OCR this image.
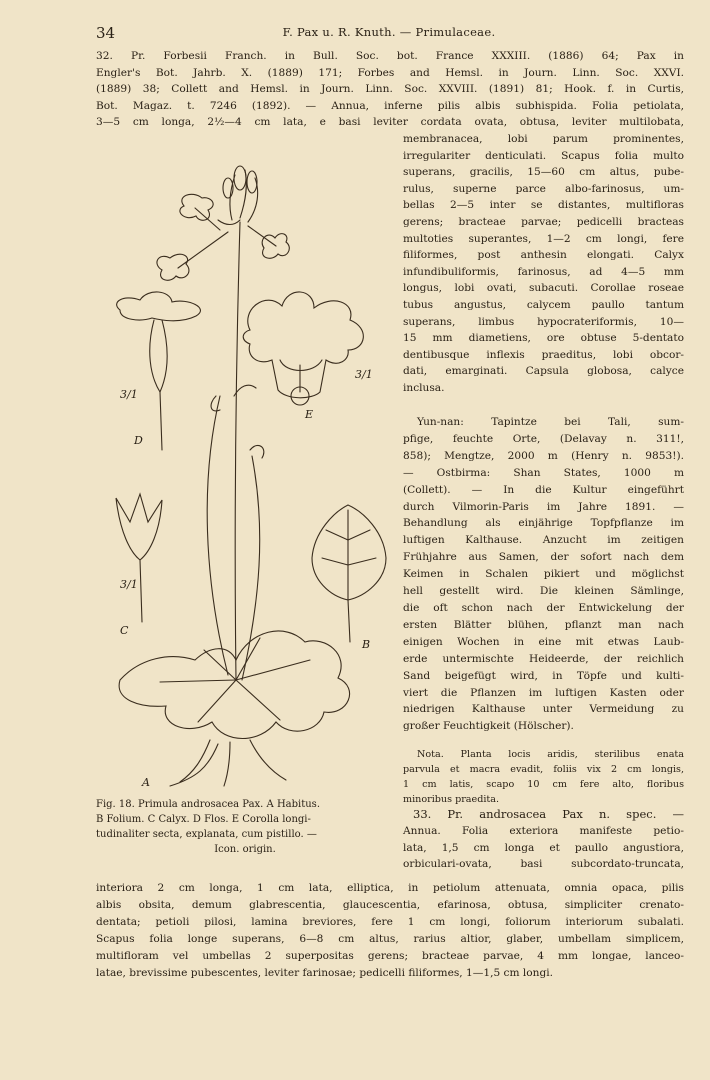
34	F. Pax u. R. Knuth. — Primulaceae.
32. Pr. Forbesii Franch. in Bull. Soc. bot. France XXXIII. (1886) 64; Pax in
Engler's Bot. Jahrb. X. (1889) 171; Forbes and Hemsl. in Journ. Linn. Soc. XXVI.
(1889) 38; Collett and Hemsl. in Journ. Linn. Soc. XXVIII. (1891) 81; Hook. f. in Curtis,
Bot. Magaz. t. 7246 (1892). — Annua, inferne pilis albis subhispida. Folia petiolata,
3—5 cm longa, 2½—4 cm lata, e basi leviter cordata ovata, obtusa, leviter multilobata,
membranacea, lobi parum prominentes,
irregulariter denticulati. Scapus folia multo
superans, gracilis, 15—60 cm altus, pube-
rulus, superne parce albo-farinosus, um-
bellas 2—5 inter se distantes, multifloras
gerens; bracteae parvae; pedicelli bracteas
multoties superantes, 1—2 cm longi, fere
filiformes, post anthesin elongati. Calyx
infundibuliformis, farinosus, ad 4—5 mm
longus, lobi ovati, subacuti. Corollae roseae
tubus angustus, calycem paullo tantum
superans, limbus hypocrateriformis, 10—
15 mm diametiens, ore obtuse 5-dentato
dentibusque inflexis praeditus, lobi obcor-
dati, emarginati. Capsula globosa, calyce
inclusa.
Yun-nan: Tapintze bei Tali, sum-
pfige, feuchte Orte, (Delavay n. 311!,
858); Mengtze, 2000 m (Henry n. 9853!).
— Ostbirma: Shan States, 1000 m
(Collett). — In die Kultur eingeführt
durch Vilmorin-Paris im Jahre 1891. —
Behandlung als einjährige Topfpflanze im
luftigen Kalthause. Anzucht im zeitigen
Frühjahre aus Samen, der sofort nach dem
Keimen in Schalen pikiert und möglichst
hell gestellt wird. Die kleinen Sämlinge,
die oft schon nach der Entwickelung der
ersten Blätter blühen, pflanzt man nach
einigen Wochen in eine mit etwas Laub-
erde untermischte Heideerde, der reichlich
Sand beigefügt wird, in Töpfe und kulti-
viert die Pflanzen im luftigen Kasten oder
niedrigen Kalthause unter Vermeidung zu
großer Feuchtigkeit (Hölscher).
Nota. Planta locis aridis, sterilibus enata
parvula et macra evadit, foliis vix 2 cm longis,
1 cm latis, scapo 10 cm fere alto, floribus
minoribus praedita.
33. Pr. androsacea Pax n. spec. —
Annua. Folia exteriora manifeste petio-
lata, 1,5 cm longa et paullo angustiora,
orbiculari-ovata, basi subcordato-truncata,
interiora 2 cm longa, 1 cm lata, elliptica, in petiolum attenuata, omnia opaca, pilis
albis obsita, demum glabrescentia, glaucescentia, efarinosa, obtusa, simpliciter crenato-
dentata; petioli pilosi, lamina breviores, fere 1 cm longi, foliorum interiorum subalati.
Scapus folia longe superans, 6—8 cm altus, rarius altior, glaber, umbellam simplicem,
multifloram vel umbellas 2 superpositas gerens; bracteae parvae, 4 mm longae, lanceo-
latae, brevissime pubescentes, leviter farinosae; pedicelli filiformes, 1—1,5 cm longi.
Fig. 18. Primula androsacea Pax. A Habitus.
B Folium. C Calyx. D Flos. E Corolla longi-
tudinaliter secta, explanata, cum pistillo. —
Icon. origin.
3/1
D
3/1
E
3/1
C
B
A
